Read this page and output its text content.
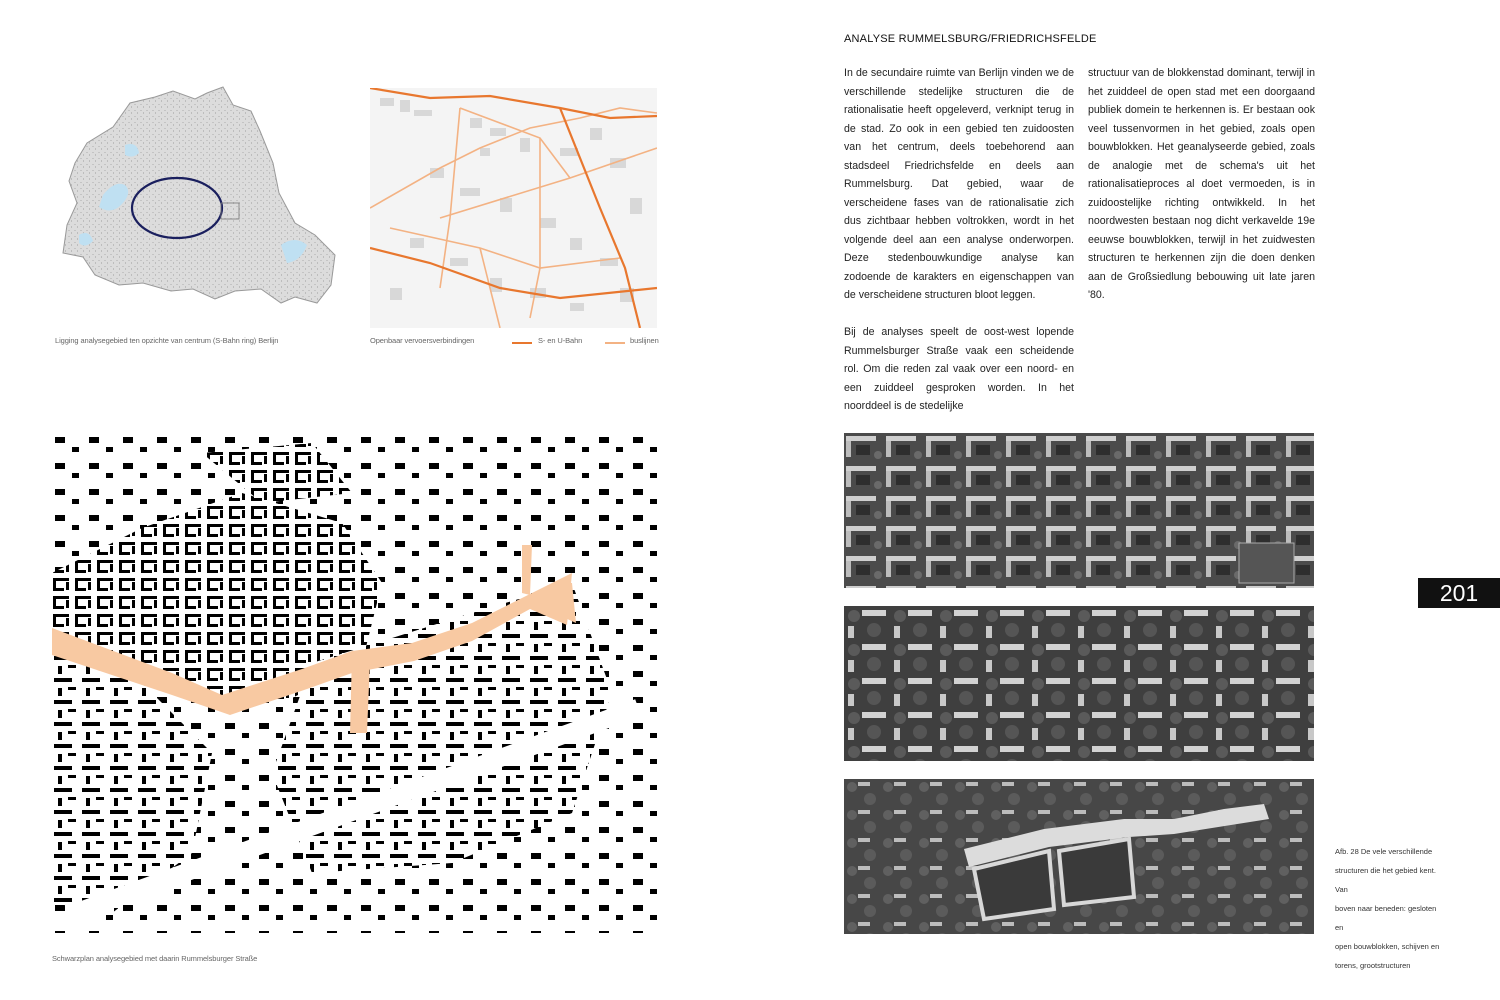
Ligging analysegebied ten opzichte van centrum (S-Bahn ring) Berlijn	Openbaar vervoersverbindingen	S- en U-Bahn	buslijnen
ANALYSE RUMMELSBURG/FRIEDRICHSFELDE

In de secundaire ruimte van Berlijn vinden we de verschillende stedelijke structuren die de rationalisatie heeft opgeleverd, verknipt terug in de stad. Zo ook in een gebied ten zuidoosten van het centrum, deels toebehorend aan stadsdeel Friedrichsfelde en deels aan Rummelsburg. Dat gebied, waar de verscheidene fases van de rationalisatie zich dus zichtbaar hebben voltrokken, wordt in het volgende deel aan een analyse onderworpen. Deze stedenbouwkundige analyse kan zodoende de karakters en eigenschappen van de verscheidene structuren bloot leggen.

Bij de analyses speelt de oost-west lopende Rummelsburger Straße vaak een scheidende rol. Om die reden zal vaak over een noord- en een zuiddeel gesproken worden. In het noorddeel is de stedelijke

structuur van de blokkenstad dominant, terwijl in het zuiddeel de open stad met een doorgaand publiek domein te herkennen is. Er bestaan ook veel tussenvormen in het gebied, zoals open bouwblokken. Het geanalyseerde gebied, zoals de analogie met de schema's uit het rationalisatieproces al doet vermoeden, is in zuidoostelijke richting ontwikkeld. In het noordwesten bestaan nog dicht verkavelde 19e eeuwse bouwblokken, terwijl in het zuidwesten structuren te herkennen zijn die doen denken aan de Großsiedlung bebouwing uit late jaren '80.

Schwarzplan analysegebied met daarin Rummelsburger Straße
Afb. 28 De vele verschillende
structuren die het gebied kent. Van
boven naar beneden: gesloten en
open bouwblokken, schijven en
torens, grootstructuren
201
